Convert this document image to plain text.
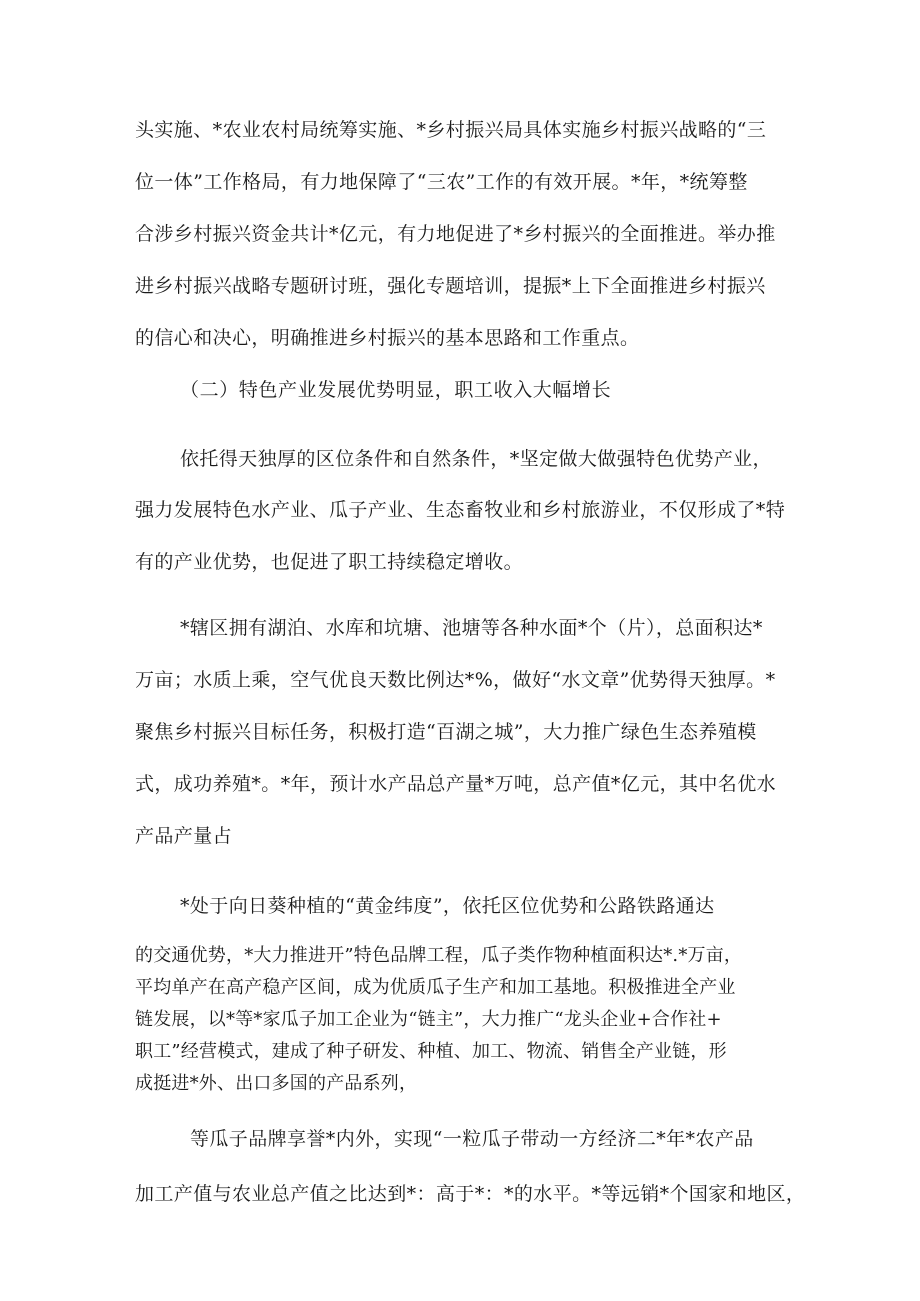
头实施、*农业农村局统筹实施、*乡村振兴局具体实施乡村振兴战略的“三
位一体”工作格局，有力地保障了“三农”工作的有效开展。*年，*统筹整
合涉乡村振兴资金共计*亿元，有力地促进了*乡村振兴的全面推进。举办推
进乡村振兴战略专题研讨班，强化专题培训，提振*上下全面推进乡村振兴
的信心和决心，明确推进乡村振兴的基本思路和工作重点。
（二）特色产业发展优势明显，职工收入大幅增长
依托得天独厚的区位条件和自然条件，*坚定做大做强特色优势产业，
强力发展特色水产业、瓜子产业、生态畜牧业和乡村旅游业，不仅形成了*特
有的产业优势，也促进了职工持续稳定增收。
*辖区拥有湖泊、水库和坑塘、池塘等各种水面*个（片），总面积达*
万亩；水质上乘，空气优良天数比例达*%，做好“水文章”优势得天独厚。*
聚焦乡村振兴目标任务，积极打造“百湖之城”，大力推广绿色生态养殖模
式，成功养殖*。*年，预计水产品总产量*万吨，总产值*亿元，其中名优水
产品产量占
*处于向日葵种植的“黄金纬度”，依托区位优势和公路铁路通达
的交通优势，*大力推进开”特色品牌工程，瓜子类作物种植面积达*.*万亩，
平均单产在高产稳产区间，成为优质瓜子生产和加工基地。积极推进全产业
链发展，以*等*家瓜子加工企业为“链主”，大力推广“龙头企业+合作社+
职工”经营模式，建成了种子研发、种植、加工、物流、销售全产业链，形
成挺进*外、出口多国的产品系列，
等瓜子品牌享誉*内外，实现“一粒瓜子带动一方经济二*年*农产品
加工产值与农业总产值之比达到*：高于*：*的水平。*等远销*个国家和地区，
